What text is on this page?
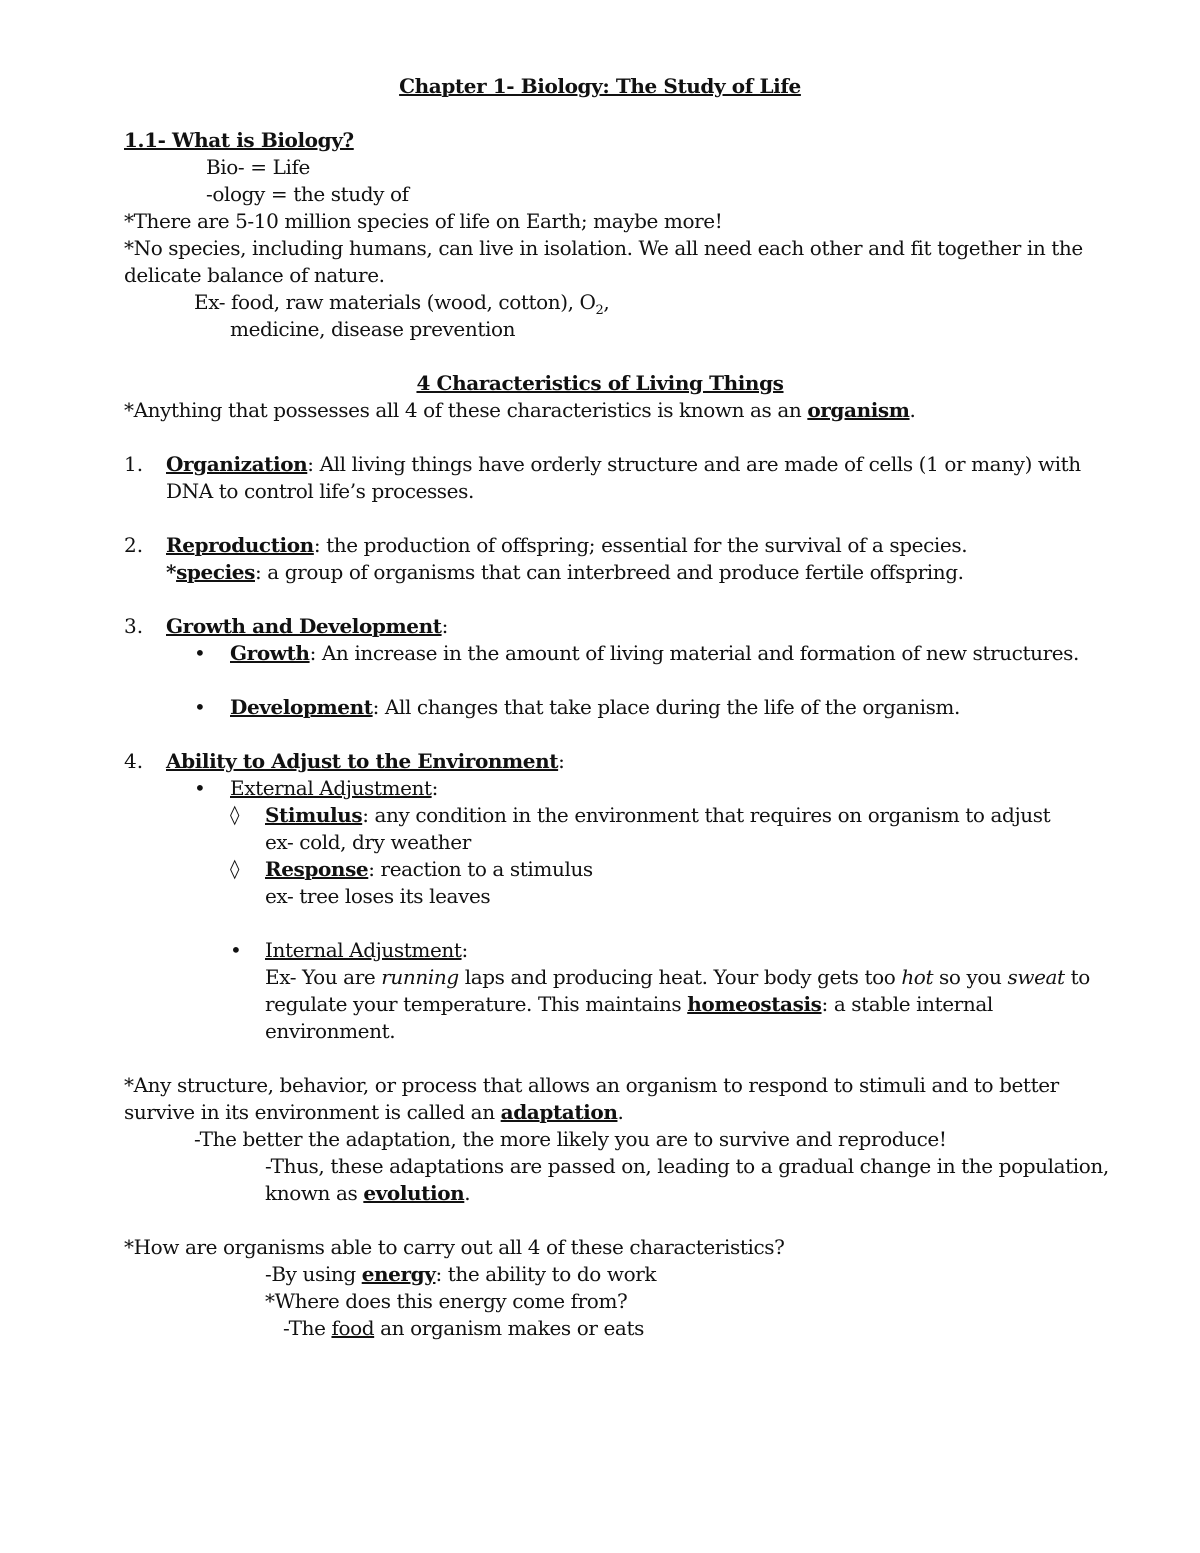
Chapter 1- Biology: The Study of Life

1.1- What is Biology?

Bio- = Life

-ology = the study of

*There are 5-10 million species of life on Earth; maybe more!

*No species, including humans, can live in isolation. We all need each other and fit together in the

delicate balance of nature.

Ex- food, raw materials (wood, cotton), $O_2$,

medicine, disease prevention

4 Characteristics of Living Things

*Anything that possesses all 4 of these characteristics is known as an organism.

1. Organization: All living things have orderly structure and are made of cells (1 or many) with

DNA to control life’s processes.

2. Reproduction: the production of offspring; essential for the survival of a species.

*species: a group of organisms that can interbreed and produce fertile offspring.

3. Growth and Development:

• Growth: An increase in the amount of living material and formation of new structures.

• Development: All changes that take place during the life of the organism.

4. Ability to Adjust to the Environment:

• External Adjustment:

◊ Stimulus: any condition in the environment that requires on organism to adjust

ex- cold, dry weather

◊ Response: reaction to a stimulus

ex- tree loses its leaves

• Internal Adjustment:

Ex- You are running laps and producing heat. Your body gets too hot so you sweat to

regulate your temperature. This maintains homeostasis: a stable internal

environment.

*Any structure, behavior, or process that allows an organism to respond to stimuli and to better

survive in its environment is called an adaptation.

-The better the adaptation, the more likely you are to survive and reproduce!

-Thus, these adaptations are passed on, leading to a gradual change in the population,

known as evolution.

*How are organisms able to carry out all 4 of these characteristics?

-By using energy: the ability to do work

*Where does this energy come from?

-The food an organism makes or eats
